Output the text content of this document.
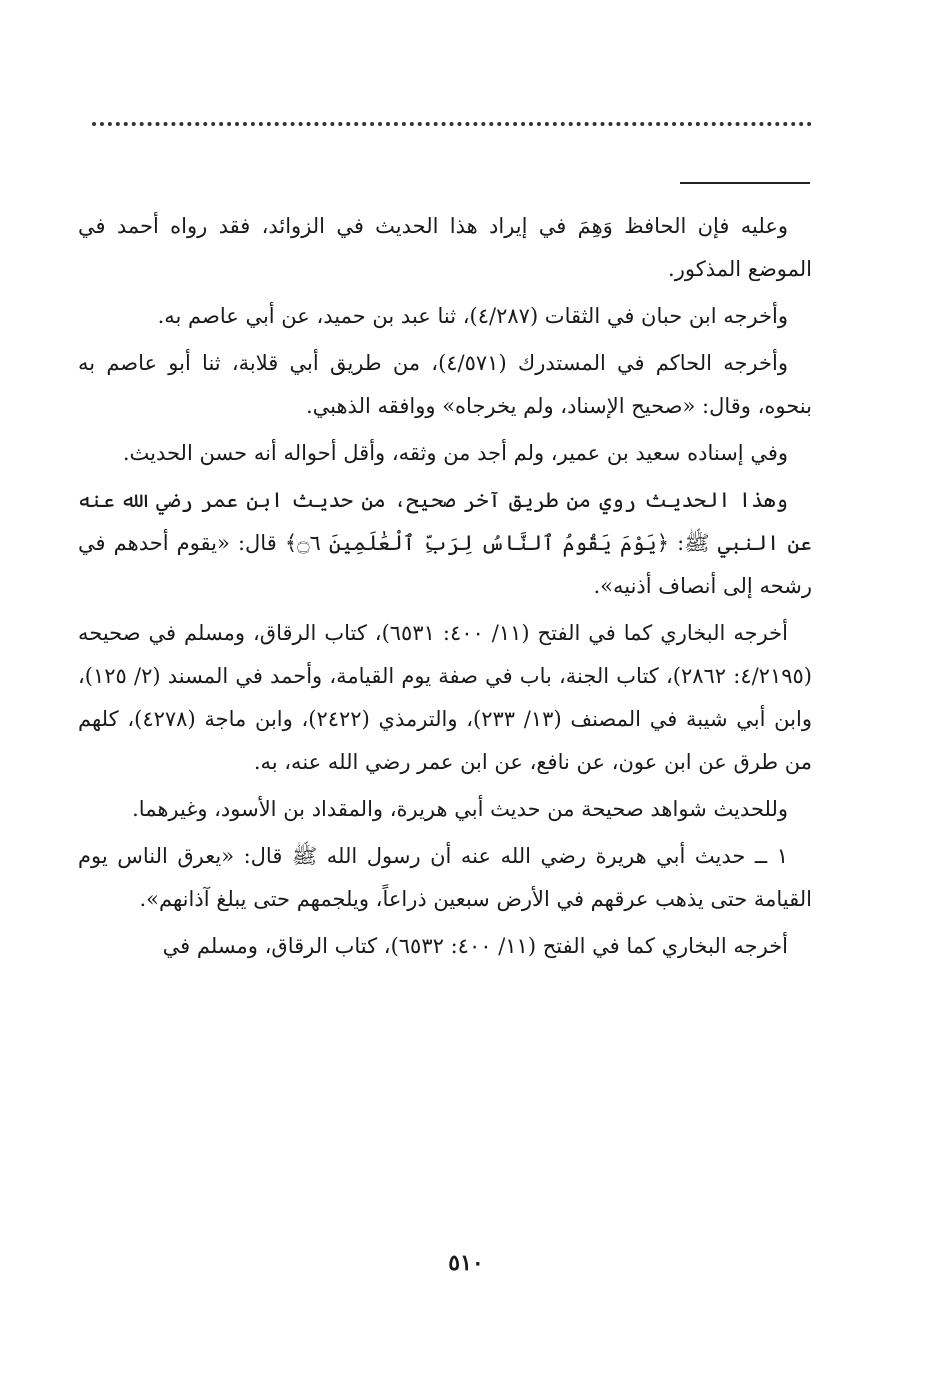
وعليه فإن الحافظ وَهِمَ في إيراد هذا الحديث في الزوائد، فقد رواه أحمد في الموضع المذكور.

وأخرجه ابن حبان في الثقات (٤/٢٨٧)، ثنا عبد بن حميد، عن أبي عاصم به.

وأخرجه الحاكم في المستدرك (٤/٥٧١)، من طريق أبي قلابة، ثنا أبو عاصم به بنحوه، وقال: «صحيح الإسناد، ولم يخرجاه» ووافقه الذهبي.

وفي إسناده سعيد بن عمير، ولم أجد من وثقه، وأقل أحواله أنه حسن الحديث.

وهذا الحديث روي من طريق آخر صحيح، من حديث ابن عمر رضي الله عنه عن النبي ﷺ: ﴿يَوْمَ يَقُومُ ٱلنَّاسُ لِرَبِّ ٱلْعَٰلَمِينَ ۝٦﴾ قال: «يقوم أحدهم في رشحه إلى أنصاف أذنيه».

أخرجه البخاري كما في الفتح (١١/ ٤٠٠: ٦٥٣١)، كتاب الرقاق، ومسلم في صحيحه (٤/٢١٩٥: ٢٨٦٢)، كتاب الجنة، باب في صفة يوم القيامة، وأحمد في المسند (٢/ ١٢٥)، وابن أبي شيبة في المصنف (١٣/ ٢٣٣)، والترمذي (٢٤٢٢)، وابن ماجة (٤٢٧٨)، كلهم من طرق عن ابن عون، عن نافع، عن ابن عمر رضي الله عنه، به.

وللحديث شواهد صحيحة من حديث أبي هريرة، والمقداد بن الأسود، وغيرهما.

١ ــ حديث أبي هريرة رضي الله عنه أن رسول الله ﷺ قال: «يعرق الناس يوم القيامة حتى يذهب عرقهم في الأرض سبعين ذراعاً، ويلجمهم حتى يبلغ آذانهم».

أخرجه البخاري كما في الفتح (١١/ ٤٠٠: ٦٥٣٢)، كتاب الرقاق، ومسلم في

٥١٠
